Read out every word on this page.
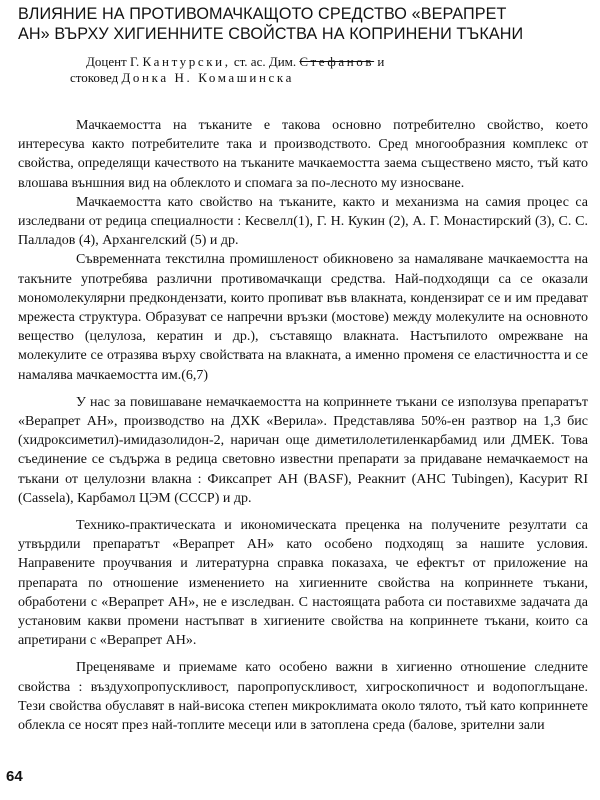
ВЛИЯНИЕ НА ПРОТИВОМАЧКАЩОТО СРЕДСТВО «ВЕРАПРЕТ
АН» ВЪРХУ ХИГИЕННИТЕ СВОЙСТВА НА КОПРИНЕНИ ТЪКАНИ
Доцент Г. Кантурски, ст. ас. Дим. Стефанов и
стоковед Донка Н. Комашинска

Мачкаемостта на тъканите е такова основно потребително свойство, което интересува както потребителите така и производството. Сред многообразния комплекс от свойства, определящи качеството на тъканите мачкаемостта заема съществено място, тъй като влошава външния вид на облеклото и спомага за по-лесното му износване.

Мачкаемостта като свойство на тъканите, както и механизма на самия процес са изследвани от редица специалности : Кесвелл(1), Г. Н. Кукин (2), А. Г. Монастирский (3), С. С. Палладов (4), Архангелский (5) и др.

Съвременната текстилна промишленост обикновено за намаляване мачкаемостта на такъните употребява различни противомачкащи средства. Най-подходящи са се оказали мономолекулярни предкондензати, които пропиват във влакната, кондензират се и им предават мрежеста структура. Образуват се напречни връзки (мостове) между молекулите на основното вещество (целулоза, кератин и др.), съставящо влакната. Настъпилото омрежване на молекулите се отразява върху свойствата на влакната, а именно променя се еластичността и се намалява мачкаемостта им.(6,7)

У нас за повишаване немачкаемостта на коприннете тъкани се използува препаратът «Верапрет АН», производство на ДХК «Верила». Представлява 50%-ен разтвор на 1,3 бис (хидроксиметил)-имидазолидон-2, наричан още диметилолетиленкарбамид или ДМЕК. Това съединение се съдържа в редица световно известни препарати за придаване немачкаемост на тъкани от целулозни влакна : Фиксапрет АН (BASF), Реакнит (АНС Tubingen), Касурит RI (Cassela), Карбамол ЦЭМ (СССР) и др.

Технико-практическата и икономическата преценка на получените резултати са утвърдили препаратът «Верапрет АН» като особено подходящ за нашите условия. Направените проучвания и литературна справка показаха, че ефектът от приложение на препарата по отношение изменението на хигиенните свойства на коприннете тъкани, обработени с «Верапрет АН», не е изследван. С настоящата работа си поставихме задачата да установим какви промени настъпват в хигиените свойства на коприннете тъкани, които са апретирани с «Верапрет АН».

Преценяваме и приемаме като особено важни в хигиенно отношение следните свойства : въздухопропускливост, паропропускливост, хигроскопичност и водопоглъщане. Тези свойства обуславят в най-висока степен микроклимата около тялото, тъй като коприннете облекла се носят през най-топлите месеци или в затоплена среда (балове, зрителни зали

64
